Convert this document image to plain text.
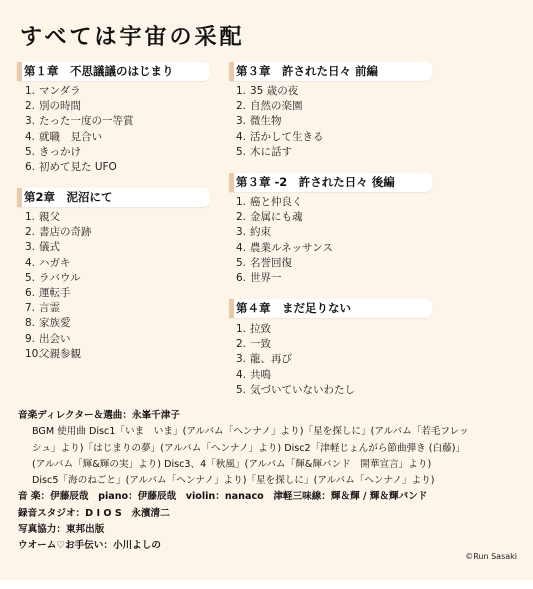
すべては宇宙の采配
第１章　不思議議のはじまり
1. マンダラ
2. 別の時間
3. たった一度の一等賞
4. 就職　見合い
5. きっかけ
6. 初めて見た UFO
第2章　泥沼にて
1. 親父
2. 書店の奇跡
3. 儀式
4. ハガキ
5. ラバウル
6. 運転手
7. 言霊
8. 家族愛
9. 出会い
10.父親参観
第３章　許された日々 前編
1. 35 歳の夜
2. 自然の楽園
3. 微生物
4. 活かして生きる
5. 木に話す
第３章 -2　許された日々 後編
1. 癌と仲良く
2. 金属にも魂
3. 約束
4. 農業ルネッサンス
5. 名誉回復
6. 世界一
第４章　まだ足りない
1. 拉致
2. 一致
3. 龍、再び
4. 共鳴
5. 気づいていないわたし
音楽ディレクター＆選曲：永峯千津子
BGM 使用曲 Disc1「いま　いま」(アルバム「ヘンナノ」より)「星を探しに」(アルバム「若毛フレッ
シュ」より)「はじまりの夢」(アルバム「ヘンナノ」より) Disc2「津軽じょんがら節曲弾き (白藤)」
(アルバム「輝&輝の実」より) Disc3、4「秋風」(アルバム「輝&輝バンド　開華宣言」より)
Disc5「海のねごと」(アルバム「ヘンナノ」より)「星を探しに」(アルバム「ヘンナノ」より)
音 楽：伊藤辰哉　piano：伊藤辰哉　violin：nanaco　津軽三味線：輝＆輝 / 輝＆輝バンド
録音スタジオ：D I O S　永濱清二
写真協力：東邦出版
ウオーム♡お手伝い：小川よしの
©Run Sasaki
